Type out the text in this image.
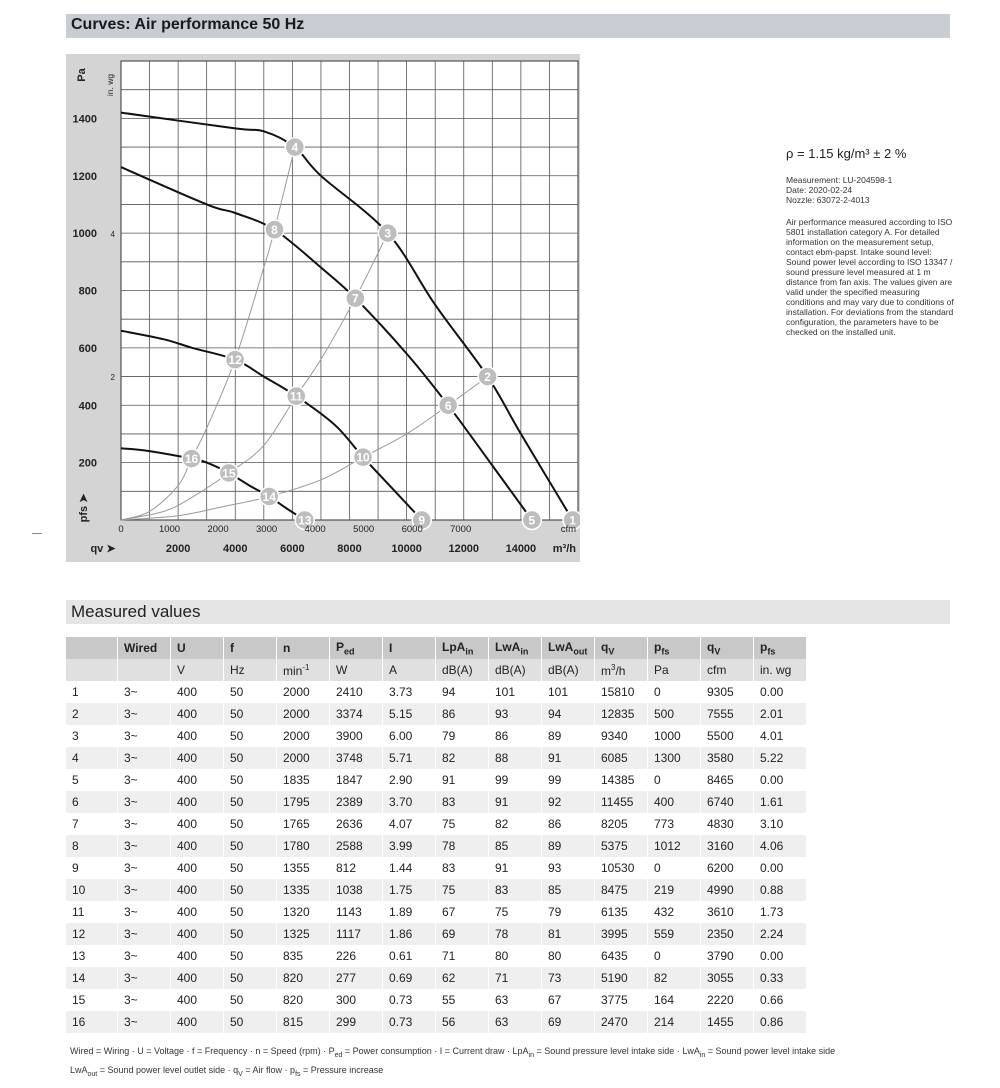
Curves: Air performance 50 Hz
1
2
3
4
5
6
7
8
9
10
11
12
13
14
15
16
200
400
600
800
1000
1200
1400
2
4
2000	4000	6000	8000	10000 12000 14000
0	1000	2000	3000	4000	5000	6000	7000
Pa in. wg
pfs ➤
qv ➤	m³/h
cfm
ρ = 1.15 kg/m³ ± 2 %
Measurement: LU-204598-1
Date: 2020-02-24
Nozzle: 63072-2-4013
Air performance measured according to ISO 5801 installation category A. For detailed information on the measurement setup, contact ebm-papst. Intake sound level: Sound power level according to ISO 13347 / sound pressure level measured at 1 m distance from fan axis. The values given are valid under the specified measuring conditions and may vary due to conditions of installation. For deviations from the standard configuration, the parameters have to be checked on the installed unit.
Measured values
	Wired	U	f	n	$P_{ed}$	I	LpA$_{in}$	LwA$_{in}$	LwA$_{out}$	$q_V$	$p_{fs}$	$q_V$	$p_{fs}$
		V	Hz	$\min^{-1}$	W	A	dB(A)	dB(A)	dB(A)	$m^3/h$	Pa	cfm	in. wg
1	3~	400	50	2000	2410	3.73	94	101	101	15810	0	9305	0.00
2	3~	400	50	2000	3374	5.15	86	93	94	12835	500	7555	2.01
3	3~	400	50	2000	3900	6.00	79	86	89	9340	1000	5500	4.01
4	3~	400	50	2000	3748	5.71	82	88	91	6085	1300	3580	5.22
5	3~	400	50	1835	1847	2.90	91	99	99	14385	0	8465	0.00
6	3~	400	50	1795	2389	3.70	83	91	92	11455	400	6740	1.61
7	3~	400	50	1765	2636	4.07	75	82	86	8205	773	4830	3.10
8	3~	400	50	1780	2588	3.99	78	85	89	5375	1012	3160	4.06
9	3~	400	50	1355	812	1.44	83	91	93	10530	0	6200	0.00
10	3~	400	50	1335	1038	1.75	75	83	85	8475	219	4990	0.88
11	3~	400	50	1320	1143	1.89	67	75	79	6135	432	3610	1.73
12	3~	400	50	1325	1117	1.86	69	78	81	3995	559	2350	2.24
13	3~	400	50	835	226	0.61	71	80	80	6435	0	3790	0.00
14	3~	400	50	820	277	0.69	62	71	73	5190	82	3055	0.33
15	3~	400	50	820	300	0.73	55	63	67	3775	164	2220	0.66
16	3~	400	50	815	299	0.73	56	63	69	2470	214	1455	0.86
Wired = Wiring · U = Voltage · f = Frequency · n = Speed $(rpm) \cdot P_{ed}$ = Power consumption · I = Current draw · LpA$_{in}$ = Sound pressure level intake side · LwA$_{in}$ = Sound power level intake side
LwA$_{out}$ = Sound power level outlet side · $q_V$ = Air flow · $p_{fs}$ = Pressure increase
